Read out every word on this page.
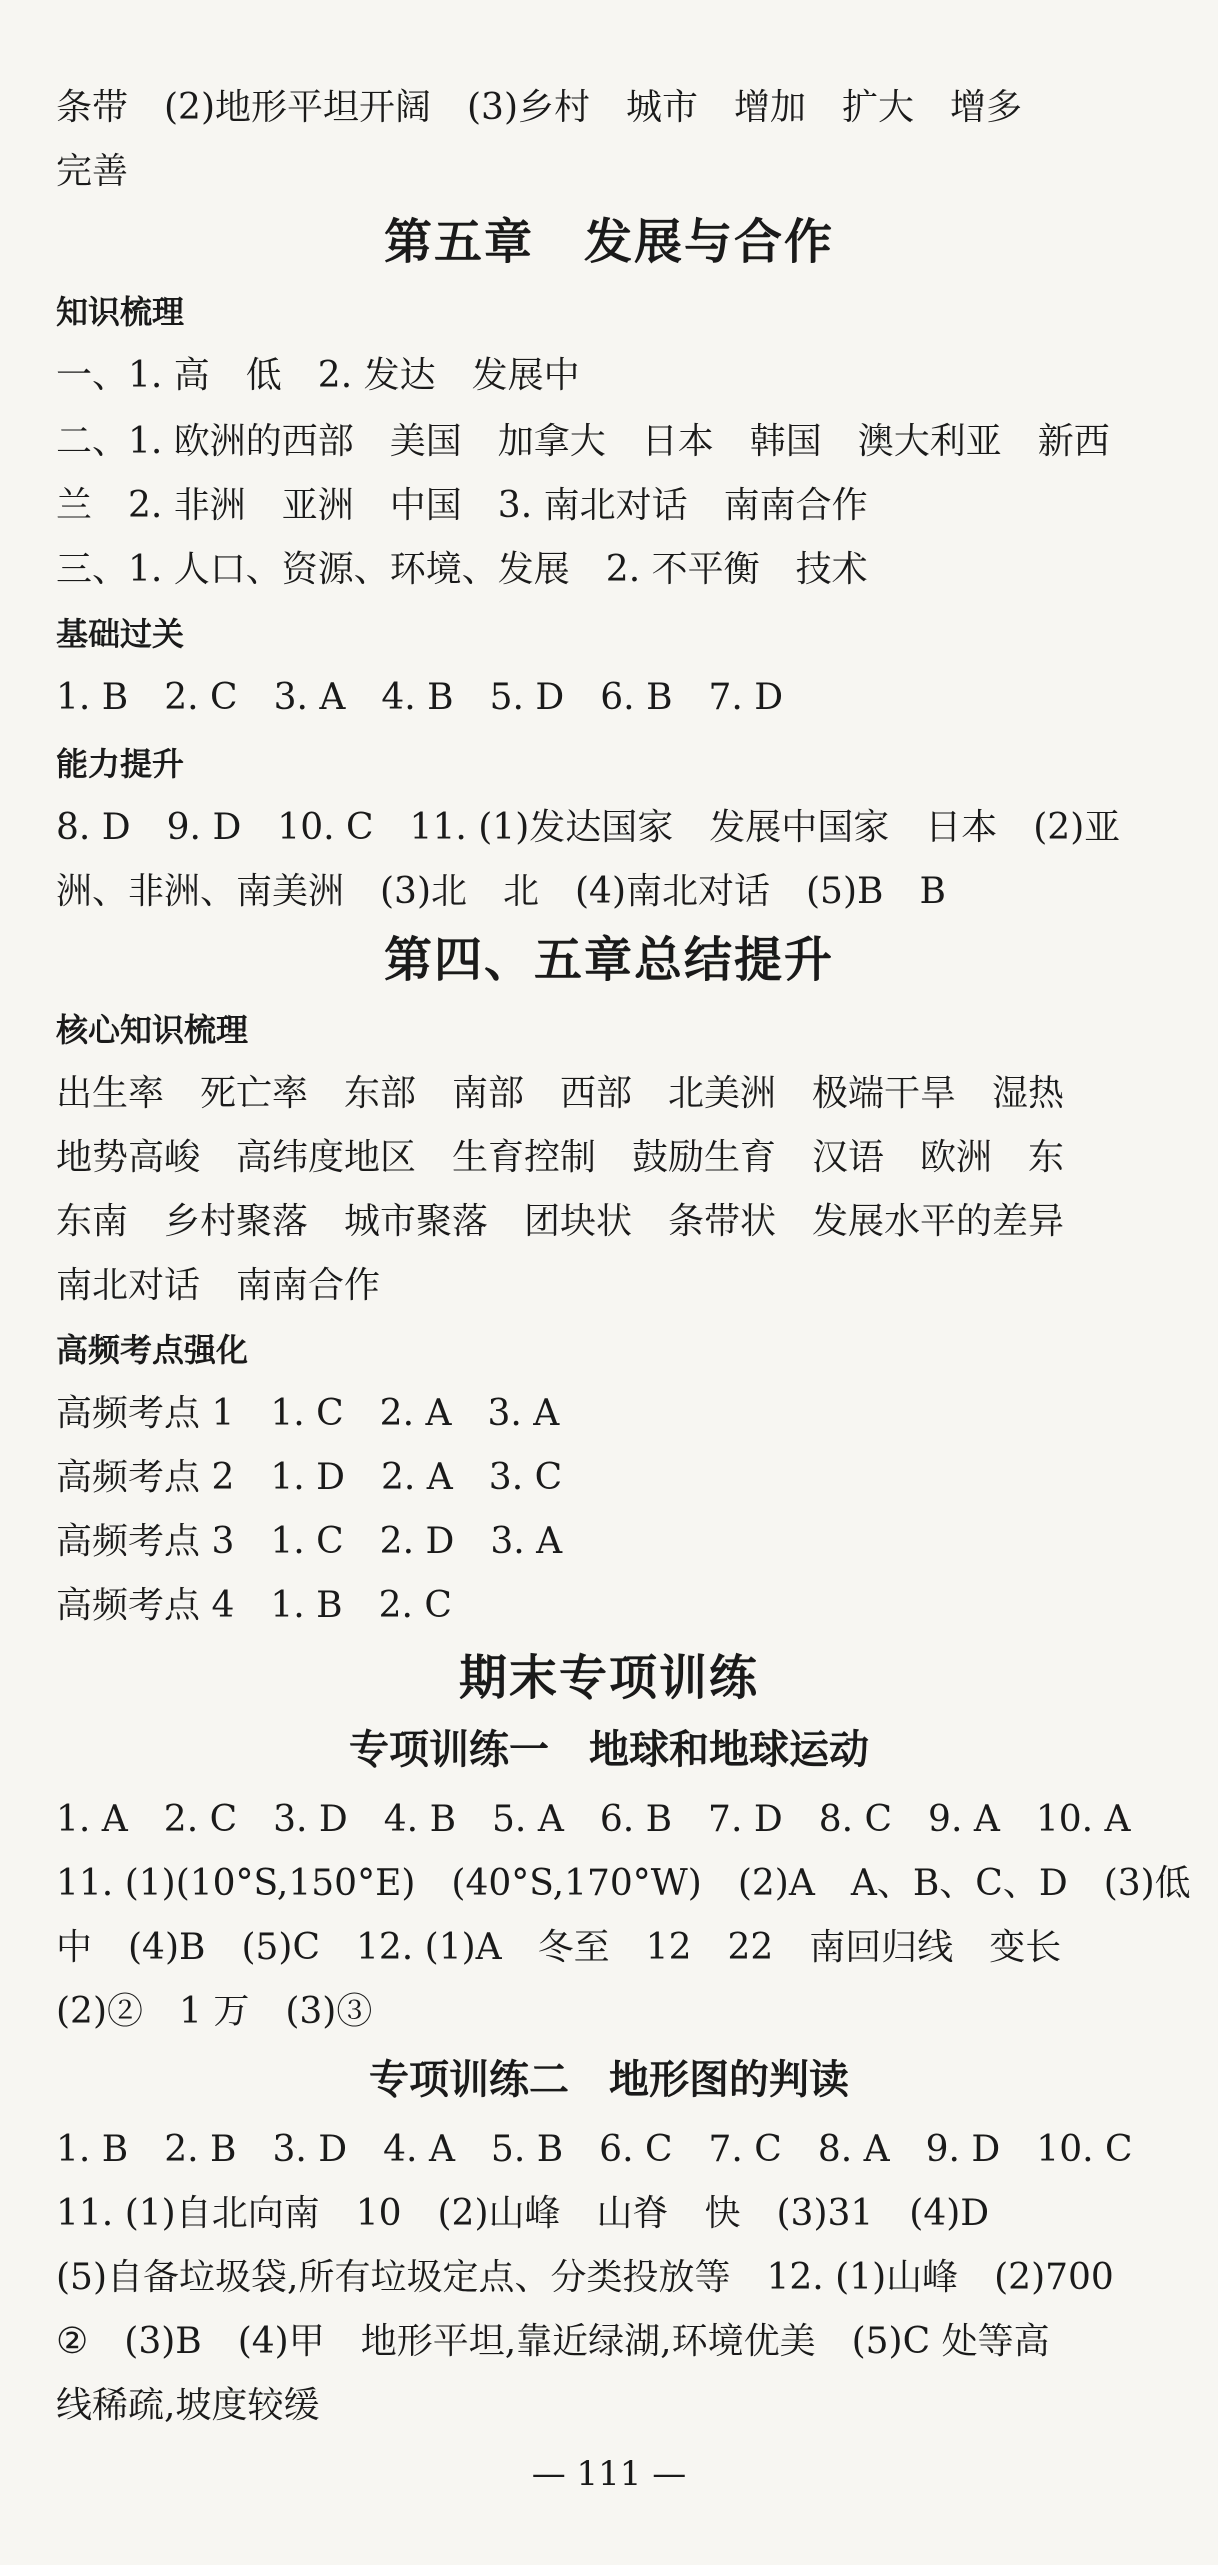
条带　(2)地形平坦开阔　(3)乡村　城市　增加　扩大　增多
完善
第五章　发展与合作
知识梳理
一、1. 高　低　2. 发达　发展中
二、1. 欧洲的西部　美国　加拿大　日本　韩国　澳大利亚　新西
兰　2. 非洲　亚洲　中国　3. 南北对话　南南合作
三、1. 人口、资源、环境、发展　2. 不平衡　技术
基础过关
1. B　2. C　3. A　4. B　5. D　6. B　7. D
能力提升
8. D　9. D　10. C　11. (1)发达国家　发展中国家　日本　(2)亚
洲、非洲、南美洲　(3)北　北　(4)南北对话　(5)B　B
第四、五章总结提升
核心知识梳理
出生率　死亡率　东部　南部　西部　北美洲　极端干旱　湿热
地势高峻　高纬度地区　生育控制　鼓励生育　汉语　欧洲　东
东南　乡村聚落　城市聚落　团块状　条带状　发展水平的差异
南北对话　南南合作
高频考点强化
高频考点 1　1. C　2. A　3. A
高频考点 2　1. D　2. A　3. C
高频考点 3　1. C　2. D　3. A
高频考点 4　1. B　2. C
期末专项训练
专项训练一　地球和地球运动
1. A　2. C　3. D　4. B　5. A　6. B　7. D　8. C　9. A　10. A
11. (1)(10°S,150°E)　(40°S,170°W)　(2)A　A、B、C、D　(3)低
中　(4)B　(5)C　12. (1)A　冬至　12　22　南回归线　变长
(2)②　1 万　(3)③
专项训练二　地形图的判读
1. B　2. B　3. D　4. A　5. B　6. C　7. C　8. A　9. D　10. C
11. (1)自北向南　10　(2)山峰　山脊　快　(3)31　(4)D
(5)自备垃圾袋,所有垃圾定点、分类投放等　12. (1)山峰　(2)700
②　(3)B　(4)甲　地形平坦,靠近绿湖,环境优美　(5)C 处等高
线稀疏,坡度较缓
— 111 —
